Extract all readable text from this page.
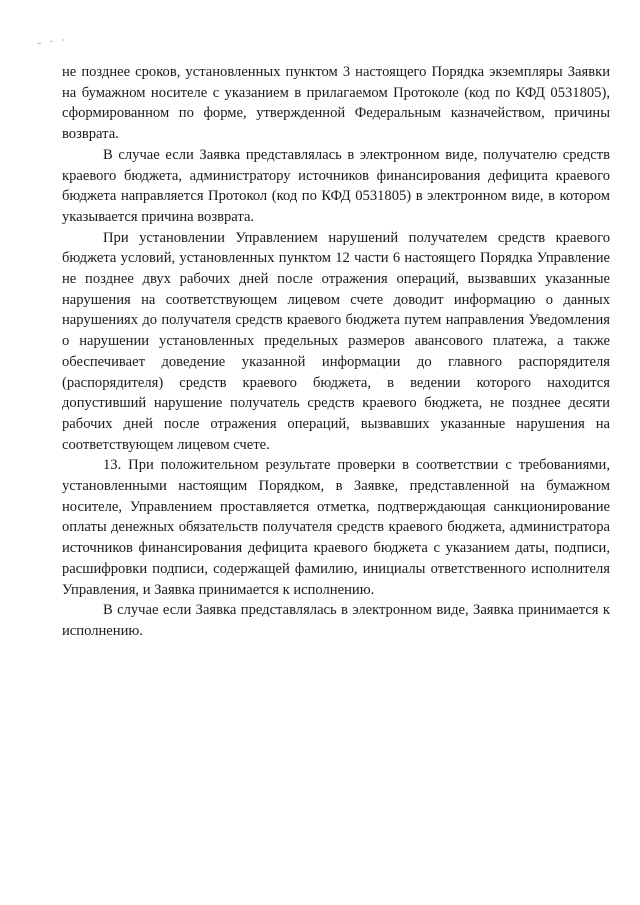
не позднее сроков, установленных пунктом 3 настоящего Порядка экземпляры Заявки на бумажном носителе с указанием в прилагаемом Протоколе (код по КФД 0531805), сформированном по форме, утвержденной Федеральным казначейством, причины возврата.

В случае если Заявка представлялась в электронном виде, получателю средств краевого бюджета, администратору источников финансирования дефицита краевого бюджета направляется Протокол (код по КФД 0531805) в электронном виде, в котором указывается причина возврата.

При установлении Управлением нарушений получателем средств краевого бюджета условий, установленных пунктом 12 части 6 настоящего Порядка Управление не позднее двух рабочих дней после отражения операций, вызвавших указанные нарушения на соответствующем лицевом счете доводит информацию о данных нарушениях до получателя средств краевого бюджета путем направления Уведомления о нарушении установленных предельных размеров авансового платежа, а также обеспечивает доведение указанной информации до главного распорядителя (распорядителя) средств краевого бюджета, в ведении которого находится допустивший нарушение получатель средств краевого бюджета, не позднее десяти рабочих дней после отражения операций, вызвавших указанные нарушения на соответствующем лицевом счете.

13. При положительном результате проверки в соответствии с требованиями, установленными настоящим Порядком, в Заявке, представленной на бумажном носителе, Управлением проставляется отметка, подтверждающая санкционирование оплаты денежных обязательств получателя средств краевого бюджета, администратора источников финансирования дефицита краевого бюджета с указанием даты, подписи, расшифровки подписи, содержащей фамилию, инициалы ответственного исполнителя Управления, и Заявка принимается к исполнению.

В случае если Заявка представлялась в электронном виде, Заявка принимается к исполнению.
